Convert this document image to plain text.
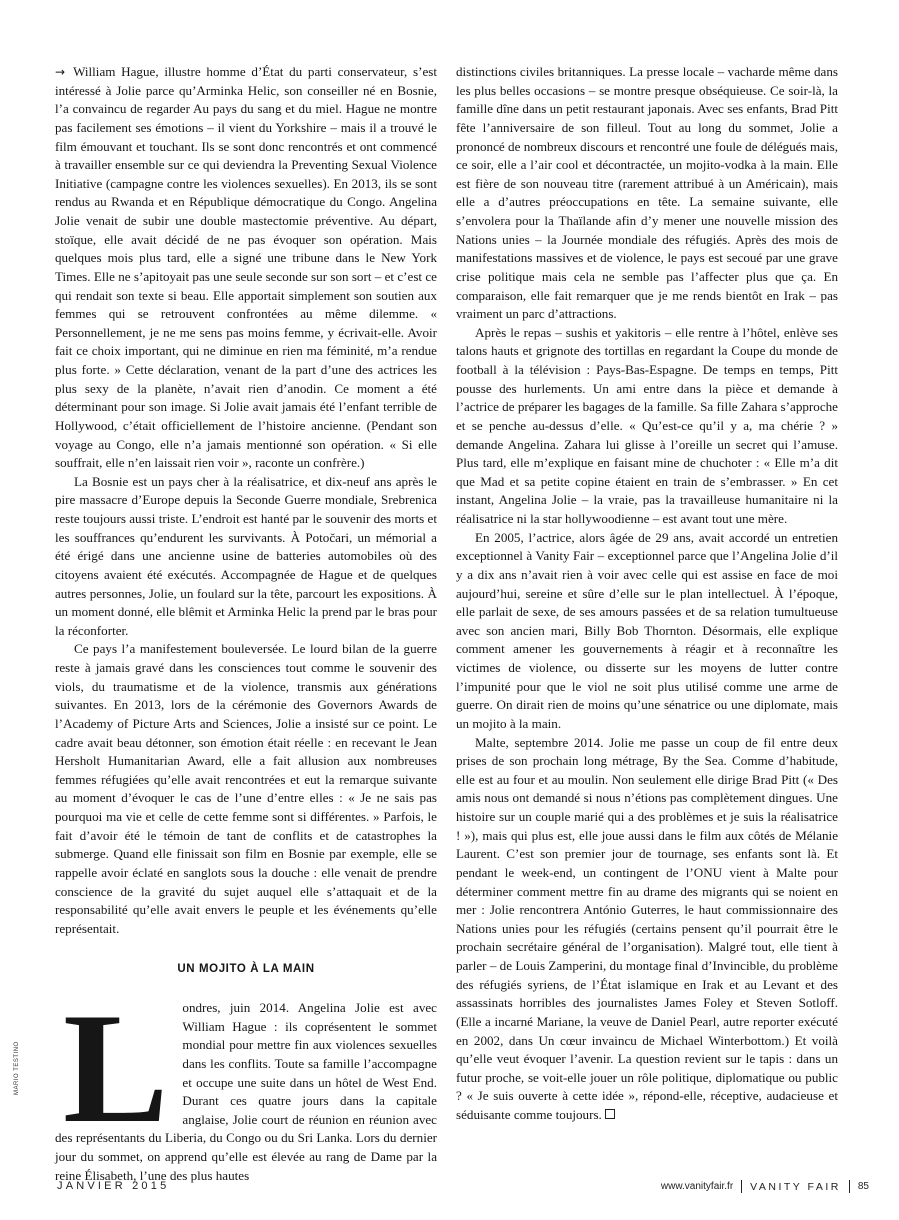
→ William Hague, illustre homme d’État du parti conservateur, s’est intéressé à Jolie parce qu’Arminka Helic, son conseiller né en Bosnie, l’a convaincu de regarder Au pays du sang et du miel. Hague ne montre pas facilement ses émotions – il vient du Yorkshire – mais il a trouvé le film émouvant et touchant. Ils se sont donc rencontrés et ont commencé à travailler ensemble sur ce qui deviendra la Preventing Sexual Violence Initiative (campagne contre les violences sexuelles). En 2013, ils se sont rendus au Rwanda et en République démocratique du Congo. Angelina Jolie venait de subir une double mastectomie préventive. Au départ, stoïque, elle avait décidé de ne pas évoquer son opération. Mais quelques mois plus tard, elle a signé une tribune dans le New York Times. Elle ne s’apitoyait pas une seule seconde sur son sort – et c’est ce qui rendait son texte si beau. Elle apportait simplement son soutien aux femmes qui se retrouvent confrontées au même dilemme. « Personnellement, je ne me sens pas moins femme, y écrivait-elle. Avoir fait ce choix important, qui ne diminue en rien ma féminité, m’a rendue plus forte. » Cette déclaration, venant de la part d’une des actrices les plus sexy de la planète, n’avait rien d’anodin. Ce moment a été déterminant pour son image. Si Jolie avait jamais été l’enfant terrible de Hollywood, c’était officiellement de l’histoire ancienne. (Pendant son voyage au Congo, elle n’a jamais mentionné son opération. « Si elle souffrait, elle n’en laissait rien voir », raconte un confrère.)

La Bosnie est un pays cher à la réalisatrice, et dix-neuf ans après le pire massacre d’Europe depuis la Seconde Guerre mondiale, Srebrenica reste toujours aussi triste. L’endroit est hanté par le souvenir des morts et les souffrances qu’endurent les survivants. À Potočari, un mémorial a été érigé dans une ancienne usine de batteries automobiles où des citoyens avaient été exécutés. Accompagnée de Hague et de quelques autres personnes, Jolie, un foulard sur la tête, parcourt les expositions. À un moment donné, elle blêmit et Arminka Helic la prend par le bras pour la réconforter.

Ce pays l’a manifestement bouleversée. Le lourd bilan de la guerre reste à jamais gravé dans les consciences tout comme le souvenir des viols, du traumatisme et de la violence, transmis aux générations suivantes. En 2013, lors de la cérémonie des Governors Awards de l’Academy of Picture Arts and Sciences, Jolie a insisté sur ce point. Le cadre avait beau détonner, son émotion était réelle : en recevant le Jean Hersholt Humanitarian Award, elle a fait allusion aux nombreuses femmes réfugiées qu’elle avait rencontrées et eut la remarque suivante au moment d’évoquer le cas de l’une d’entre elles : « Je ne sais pas pourquoi ma vie et celle de cette femme sont si différentes. » Parfois, le fait d’avoir été le témoin de tant de conflits et de catastrophes la submerge. Quand elle finissait son film en Bosnie par exemple, elle se rappelle avoir éclaté en sanglots sous la douche : elle venait de prendre conscience de la gravité du sujet auquel elle s’attaquait et de la responsabilité qu’elle avait envers le peuple et les événements qu’elle représentait.

UN MOJITO À LA MAIN
L	ondres, juin 2014. Angelina Jolie est avec William Hague : ils coprésentent le sommet mondial pour mettre fin aux violences sexuelles dans les conflits. Toute sa famille l’accompagne et occupe une suite dans un hôtel de West End. Durant ces quatre jours dans la capitale anglaise, Jolie court de réunion en réunion avec des représentants du Liberia, du Congo ou du Sri Lanka. Lors du dernier jour du sommet, on apprend qu’elle est élevée au rang de Dame par la reine Élisabeth, l’une des plus hautes

distinctions civiles britanniques. La presse locale – vacharde même dans les plus belles occasions – se montre presque obséquieuse. Ce soir-là, la famille dîne dans un petit restaurant japonais. Avec ses enfants, Brad Pitt fête l’anniversaire de son filleul. Tout au long du sommet, Jolie a prononcé de nombreux discours et rencontré une foule de délégués mais, ce soir, elle a l’air cool et décontractée, un mojito-vodka à la main. Elle est fière de son nouveau titre (rarement attribué à un Américain), mais elle a d’autres préoccupations en tête. La semaine suivante, elle s’envolera pour la Thaïlande afin d’y mener une nouvelle mission des Nations unies – la Journée mondiale des réfugiés. Après des mois de manifestations massives et de violence, le pays est secoué par une grave crise politique mais cela ne semble pas l’affecter plus que ça. En comparaison, elle fait remarquer que je me rends bientôt en Irak – pas vraiment un parc d’attractions.

Après le repas – sushis et yakitoris – elle rentre à l’hôtel, enlève ses talons hauts et grignote des tortillas en regardant la Coupe du monde de football à la télévision : Pays-Bas-Espagne. De temps en temps, Pitt pousse des hurlements. Un ami entre dans la pièce et demande à l’actrice de préparer les bagages de la famille. Sa fille Zahara s’approche et se penche au-dessus d’elle. « Qu’est-ce qu’il y a, ma chérie ? » demande Angelina. Zahara lui glisse à l’oreille un secret qui l’amuse. Plus tard, elle m’explique en faisant mine de chuchoter : « Elle m’a dit que Mad et sa petite copine étaient en train de s’embrasser. » En cet instant, Angelina Jolie – la vraie, pas la travailleuse humanitaire ni la réalisatrice ni la star hollywoodienne – est avant tout une mère.

En 2005, l’actrice, alors âgée de 29 ans, avait accordé un entretien exceptionnel à Vanity Fair – exceptionnel parce que l’Angelina Jolie d’il y a dix ans n’avait rien à voir avec celle qui est assise en face de moi aujourd’hui, sereine et sûre d’elle sur le plan intellectuel. À l’époque, elle parlait de sexe, de ses amours passées et de sa relation tumultueuse avec son ancien mari, Billy Bob Thornton. Désormais, elle explique comment amener les gouvernements à réagir et à reconnaître les victimes de violence, ou disserte sur les moyens de lutter contre l’impunité pour que le viol ne soit plus utilisé comme une arme de guerre. On dirait rien de moins qu’une sénatrice ou une diplomate, mais un mojito à la main.

Malte, septembre 2014. Jolie me passe un coup de fil entre deux prises de son prochain long métrage, By the Sea. Comme d’habitude, elle est au four et au moulin. Non seulement elle dirige Brad Pitt (« Des amis nous ont demandé si nous n’étions pas complètement dingues. Une histoire sur un couple marié qui a des problèmes et je suis la réalisatrice ! »), mais qui plus est, elle joue aussi dans le film aux côtés de Mélanie Laurent. C’est son premier jour de tournage, ses enfants sont là. Et pendant le week-end, un contingent de l’ONU vient à Malte pour déterminer comment mettre fin au drame des migrants qui se noient en mer : Jolie rencontrera António Guterres, le haut commissionnaire des Nations unies pour les réfugiés (certains pensent qu’il pourrait être le prochain secrétaire général de l’organisation). Malgré tout, elle tient à parler – de Louis Zamperini, du montage final d’Invincible, du problème des réfugiés syriens, de l’État islamique en Irak et au Levant et des assassinats horribles des journalistes James Foley et Steven Sotloff. (Elle a incarné Mariane, la veuve de Daniel Pearl, autre reporter exécuté en 2002, dans Un cœur invaincu de Michael Winterbottom.) Et voilà qu’elle veut évoquer l’avenir. La question revient sur le tapis : dans un futur proche, se voit-elle jouer un rôle politique, diplomatique ou public ? « Je suis ouverte à cette idée », répond-elle, réceptive, audacieuse et séduisante comme toujours.

MARIO TESTINO
JANVIER 2015	www.vanityfair.fr VANITY FAIR 85
